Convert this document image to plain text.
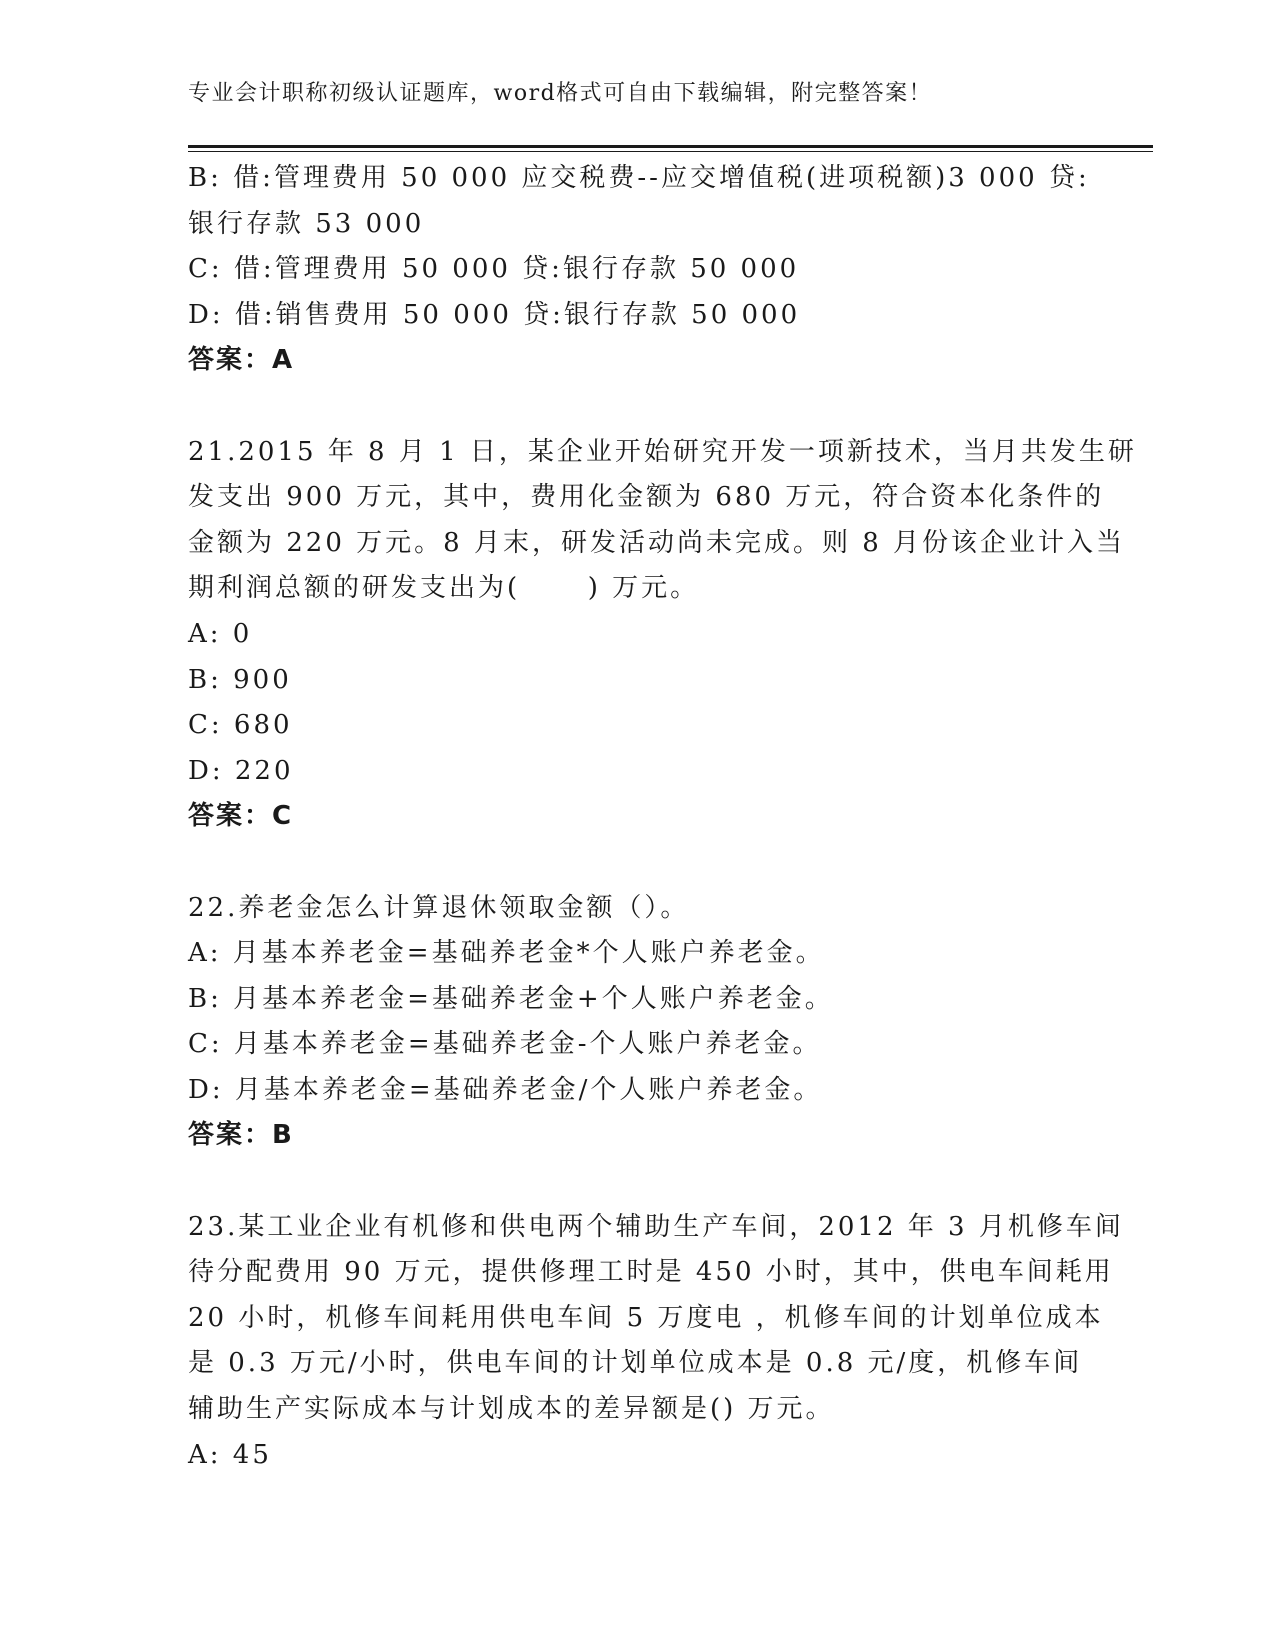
专业会计职称初级认证题库，word格式可自由下载编辑，附完整答案！
B: 借:管理费用 50 000 应交税费--应交增值税(进项税额)3 000 贷:
银行存款 53 000
C: 借:管理费用 50 000 贷:银行存款 50 000
D: 借:销售费用 50 000 贷:银行存款 50 000
答案：A
21.2015 年 8 月 1 日，某企业开始研究开发一项新技术，当月共发生研
发支出 900 万元，其中，费用化金额为 680 万元，符合资本化条件的
金额为 220 万元。8 月末，研发活动尚未完成。则 8 月份该企业计入当
期利润总额的研发支出为(      ) 万元。
A: 0
B: 900
C: 680
D: 220
答案：C
22.养老金怎么计算退休领取金额（）。
A: 月基本养老金=基础养老金*个人账户养老金。
B: 月基本养老金=基础养老金+个人账户养老金。
C: 月基本养老金=基础养老金-个人账户养老金。
D: 月基本养老金=基础养老金/个人账户养老金。
答案：B
23.某工业企业有机修和供电两个辅助生产车间，2012 年 3 月机修车间
待分配费用 90 万元，提供修理工时是 450 小时，其中，供电车间耗用
20 小时，机修车间耗用供电车间 5 万度电 ，机修车间的计划单位成本
是 0.3 万元/小时，供电车间的计划单位成本是 0.8 元/度，机修车间
辅助生产实际成本与计划成本的差异额是() 万元。
A: 45
